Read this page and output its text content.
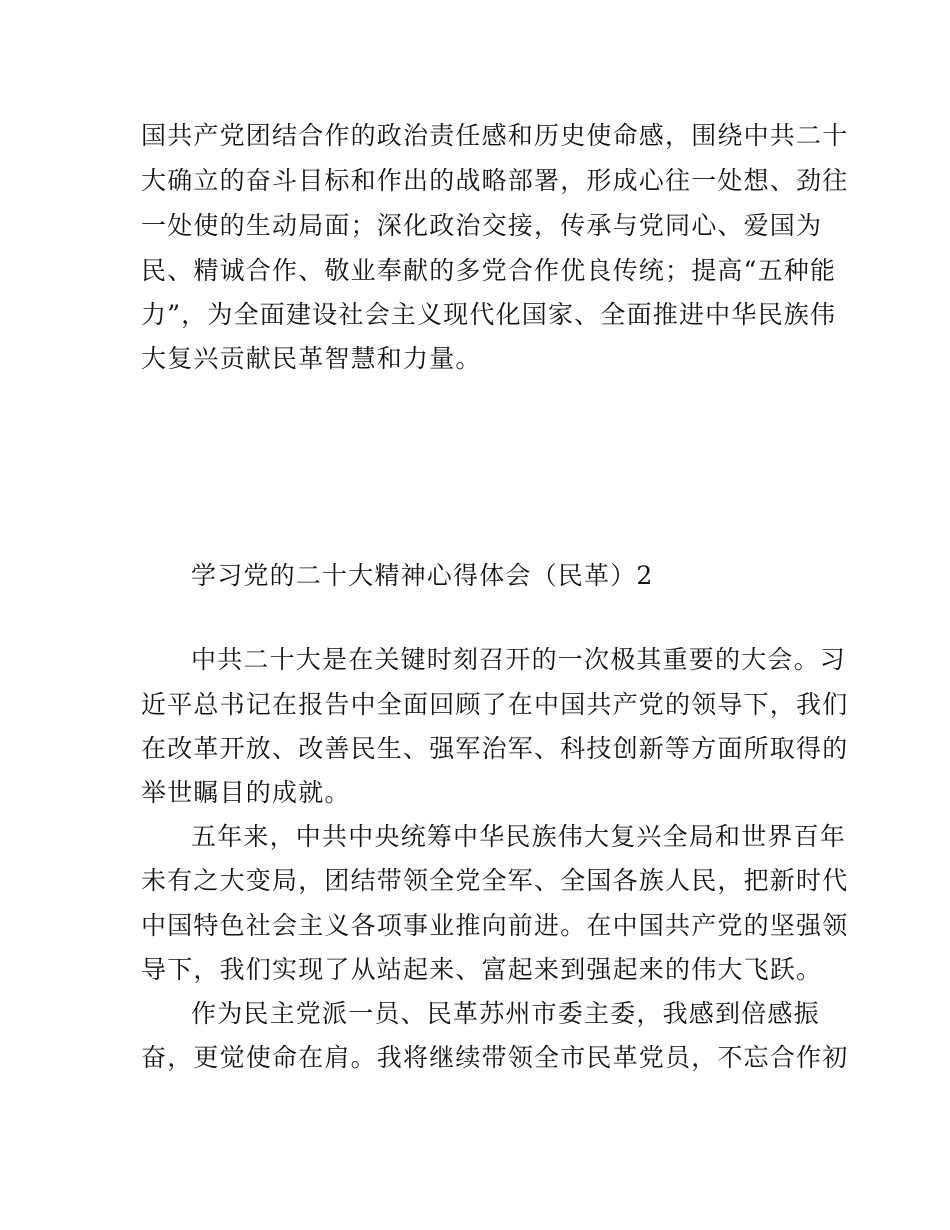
国共产党团结合作的政治责任感和历史使命感，围绕中共二十
大确立的奋斗目标和作出的战略部署，形成心往一处想、劲往
一处使的生动局面；深化政治交接，传承与党同心、爱国为
民、精诚合作、敬业奉献的多党合作优良传统；提高“五种能
力”，为全面建设社会主义现代化国家、全面推进中华民族伟
大复兴贡献民革智慧和力量。
学习党的二十大精神心得体会（民革）2
中共二十大是在关键时刻召开的一次极其重要的大会。习
近平总书记在报告中全面回顾了在中国共产党的领导下，我们
在改革开放、改善民生、强军治军、科技创新等方面所取得的
举世瞩目的成就。
五年来，中共中央统筹中华民族伟大复兴全局和世界百年
未有之大变局，团结带领全党全军、全国各族人民，把新时代
中国特色社会主义各项事业推向前进。在中国共产党的坚强领
导下，我们实现了从站起来、富起来到强起来的伟大飞跃。
作为民主党派一员、民革苏州市委主委，我感到倍感振
奋，更觉使命在肩。我将继续带领全市民革党员，不忘合作初
